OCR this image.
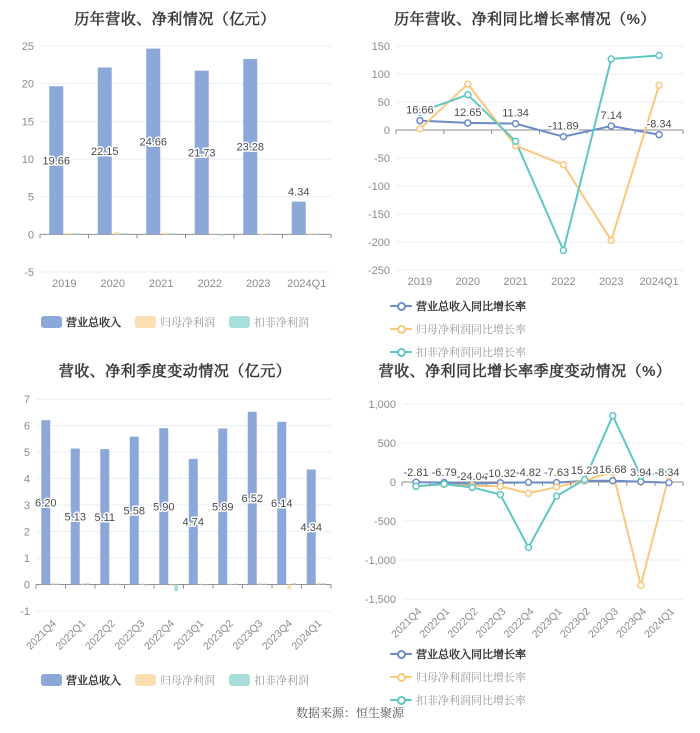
历年营收、净利情况（亿元）
25
20
15
10
5
0
-5
2019 2020 2021 2022 2023 2024Q1
19.66
22.15
24.66
21.73 23.28
4.34
营业总收入	归母净利润	扣非净利润
历年营收、净利同比增长率情况（%）
150
100
50
0
-50
-100
-150
-200
-250
2019 2020 2021 2022 2023 2024Q1
16.66 12.65 11.34
-11.89
7.14
-8.34
营业总收入同比增长率
归母净利润同比增长率
扣非净利润同比增长率
营收、净利季度变动情况（亿元）
7
6
5
4
3
2
1
0
-1
2021Q4
2022Q1
2022Q2
2022Q3
2022Q4
2023Q1
2023Q2
2023Q3
2023Q4
2024Q1
6.20
5.13 5.11
5.58 5.90
4.74
5.89
6.52 6.14
4.34
营业总收入	归母净利润	扣非净利润
营收、净利同比增长率季度变动情况（%）
1,000
500
0
-500
-1,000
-1,500
2021Q4
2022Q1
2022Q2
2022Q3
2022Q4
2023Q1
2023Q2
2023Q3
2023Q4
2024Q1
-2.81 -6.79 -24.04
-10.32 -4.82 -7.63 15.23 16.68 3.94 -8.34
营业总收入同比增长率
归母净利润同比增长率
扣非净利润同比增长率
数据来源：恒生聚源
